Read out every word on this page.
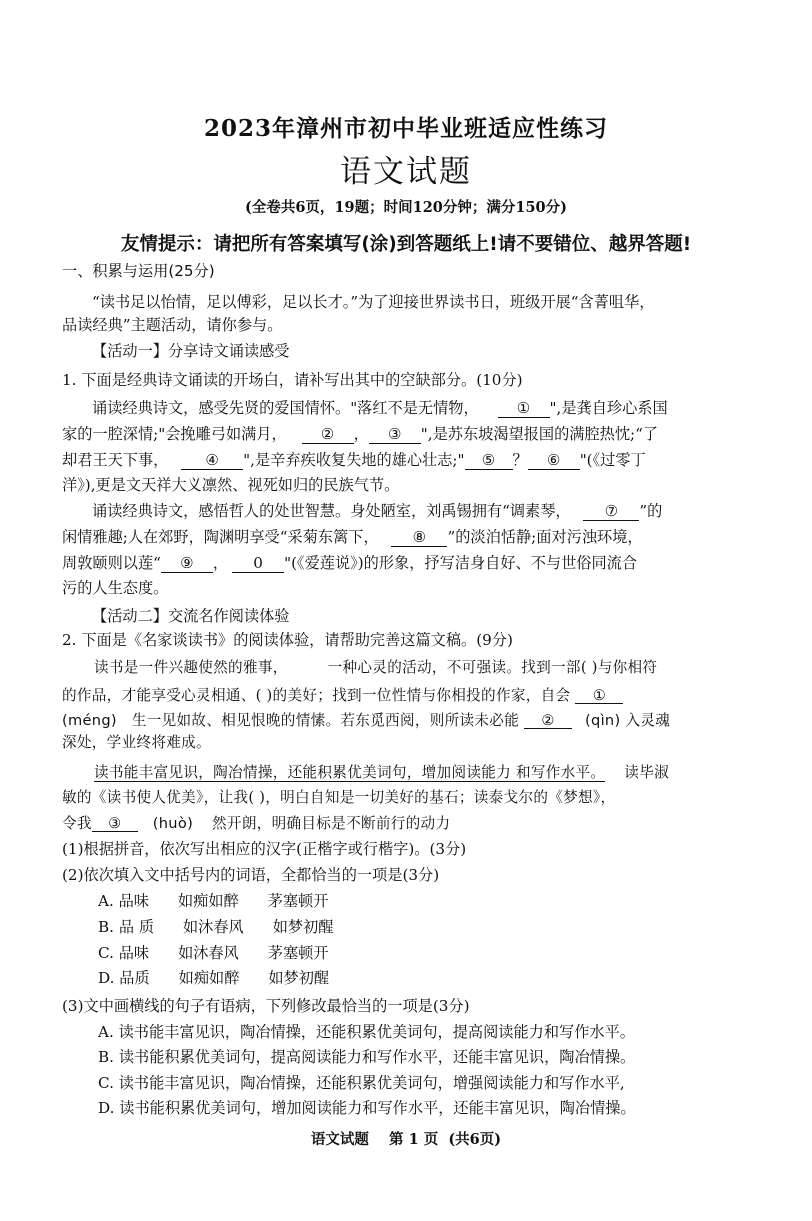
2023年漳州市初中毕业班适应性练习
语文试题
(全卷共6页，19题；时间120分钟；满分150分)
友情提示：请把所有答案填写(涂)到答题纸上!请不要错位、越界答题!
一、积累与运用(25分)
“读书足以怡情，足以傅彩，足以长才。”为了迎接世界读书日，班级开展“含菁咀华，
品读经典”主题活动，请你参与。
【活动一】分享诗文诵读感受
1. 下面是经典诗文诵读的开场白，请补写出其中的空缺部分。(10分)
诵读经典诗文，感受先贤的爱国情怀。"落红不是无情物，	① ",是龚自珍心系国
家的一腔深情;"会挽雕弓如满月， ② ， ③ ",是苏东坡渴望报国的满腔热忱;“了
却君王天下事， ④ ",是辛弃疾收复失地的雄心壮志;" ⑤ ？ ⑥ "(《过零丁
洋》),更是文天祥大义凛然、视死如归的民族气节。
诵读经典诗文，感悟哲人的处世智慧。身处陋室，刘禹锡拥有“调素琴， ⑦ ”的
闲情雅趣;人在郊野，陶渊明享受“采菊东篱下， ⑧ ”的淡泊恬静;面对污浊环境，
周敦颐则以莲“ ⑨ ， 0 "(《爱莲说》)的形象，抒写洁身自好、不与世俗同流合
污的人生态度。
【活动二】交流名作阅读体验
2. 下面是《名家谈读书》的阅读体验，请帮助完善这篇文稿。(9分)
读书是一件兴趣使然的雅事，	一种心灵的活动，不可强读。找到一部( )与你相符
的作品，才能享受心灵相通、( )的美好；找到一位性情与你相投的作家，自会 ①
(méng) 生一见如故、相见恨晚的情愫。若东觅西阅，则所读未必能 ② (qìn) 入灵魂
深处，学业终将难成。
读书能丰富见识，陶冶情操，还能积累优美词句，增加阅读能力 和写作水平。 读毕淑
敏的《读书使人优美》，让我( )，明白自知是一切美好的基石；读泰戈尔的《梦想》，
令我 ③ (huò) 然开朗，明确目标是不断前行的动力
(1)根据拼音，依次写出相应的汉字(正楷字或行楷字)。(3分)
(2)依次填入文中括号内的词语，全都恰当的一项是(3分)
A. 品味      如痴如醉      茅塞顿开
B. 品 质      如沐春风      如梦初醒
C. 品味      如沐春风      茅塞顿开
D. 品质      如痴如醉      如梦初醒
(3)文中画横线的句子有语病，下列修改最恰当的一项是(3分)
A. 读书能丰富见识，陶冶情操，还能积累优美词句，提高阅读能力和写作水平。
B. 读书能积累优美词句，提高阅读能力和写作水平，还能丰富见识，陶冶情操。
C. 读书能丰富见识，陶冶情操，还能积累优美词句，增强阅读能力和写作水平,
D. 读书能积累优美词句，增加阅读能力和写作水平，还能丰富见识，陶冶情操。
语文试题    第 1 页  (共6页)
